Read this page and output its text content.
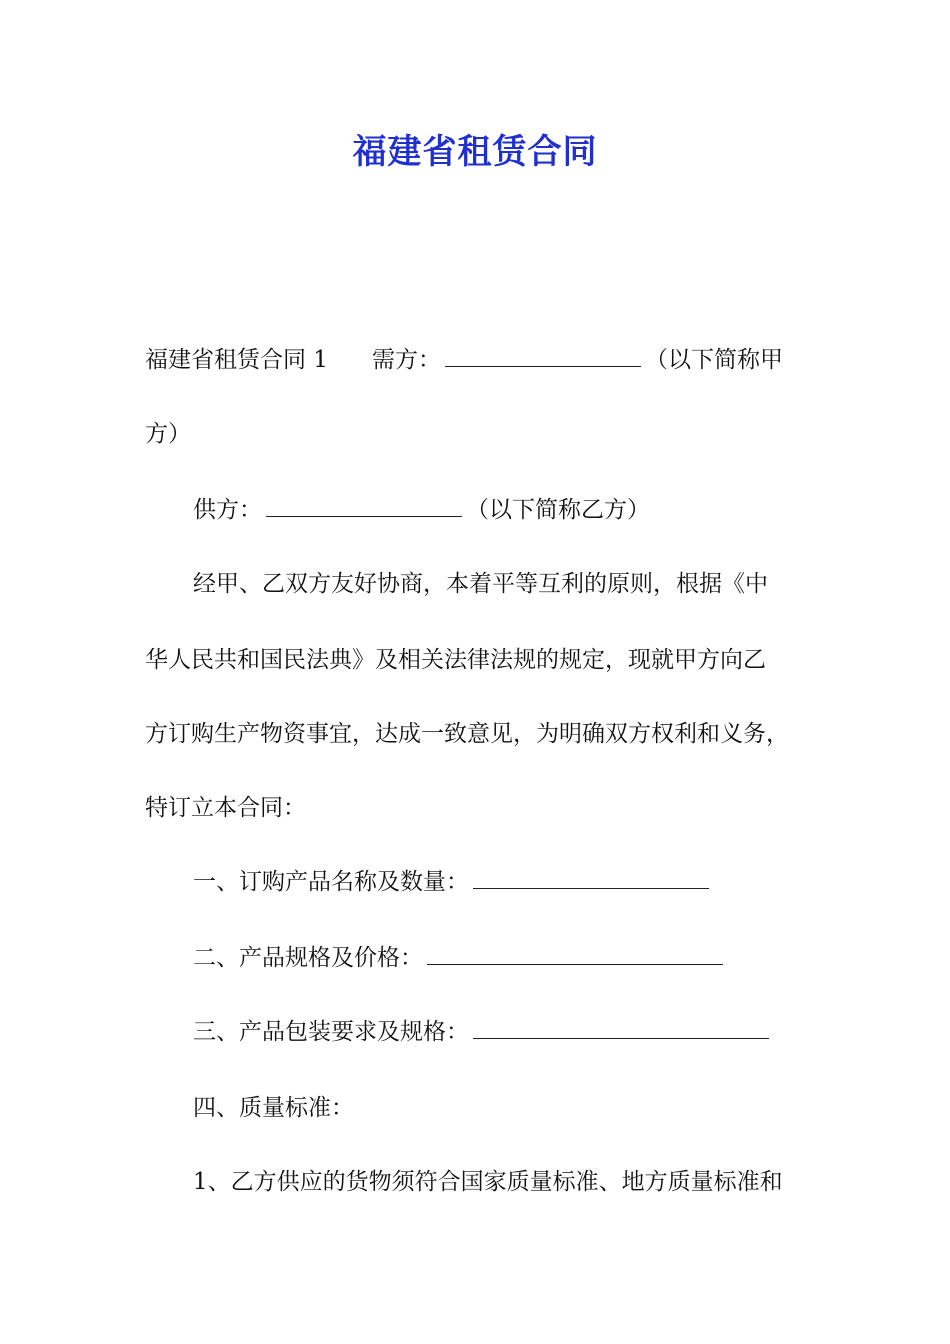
福建省租赁合同
福建省租赁合同 1 需方：	（以下简称甲
方）
供方：	（以下简称乙方）
经甲、乙双方友好协商，本着平等互利的原则，根据《中
华人民共和国民法典》及相关法律法规的规定，现就甲方向乙
方订购生产物资事宜，达成一致意见，为明确双方权利和义务，
特订立本合同：
一、订购产品名称及数量：
二、产品规格及价格：
三、产品包装要求及规格：
四、质量标准：
1、乙方供应的货物须符合国家质量标准、地方质量标准和
